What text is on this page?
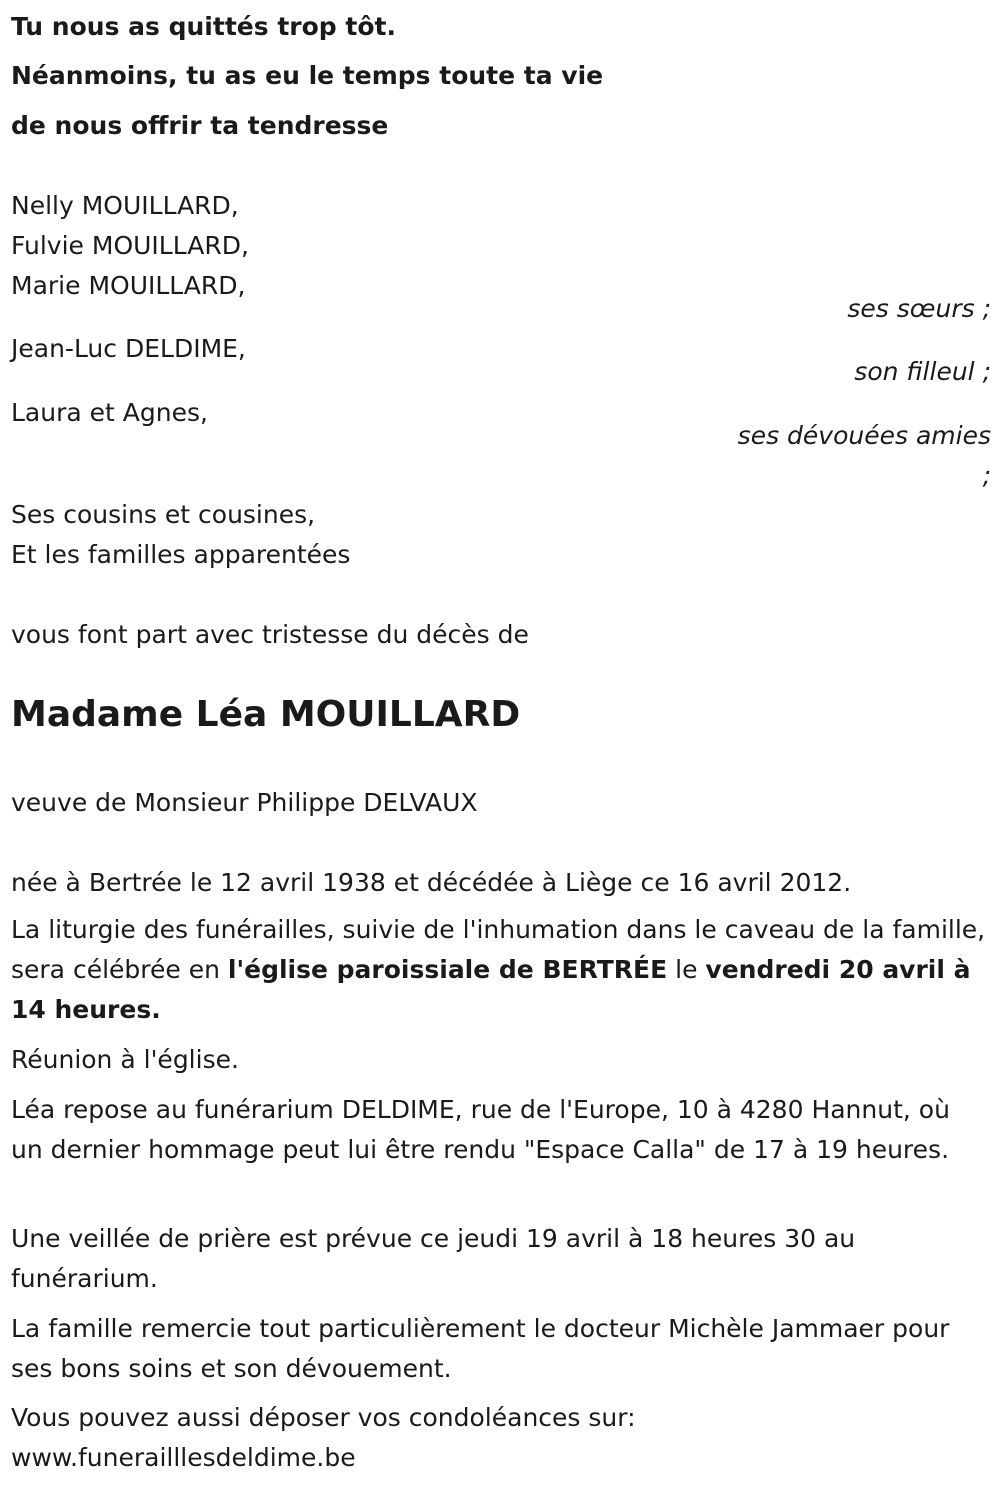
Tu nous as quittés trop tôt.
Néanmoins, tu as eu le temps toute ta vie
de nous offrir ta tendresse
Nelly MOUILLARD,
Fulvie MOUILLARD,
Marie MOUILLARD,
ses sœurs ;
Jean-Luc DELDIME,
son filleul ;
Laura et Agnes,
ses dévouées amies
;
Ses cousins et cousines,
Et les familles apparentées
vous font part avec tristesse du décès de
Madame Léa MOUILLARD
veuve de Monsieur Philippe DELVAUX
née à Bertrée le 12 avril 1938 et décédée à Liège ce 16 avril 2012.
La liturgie des funérailles, suivie de l'inhumation dans le caveau de la famille, sera célébrée en l'église paroissiale de BERTRÉE le vendredi 20 avril à 14 heures.
Réunion à l'église.
Léa repose au funérarium DELDIME, rue de l'Europe, 10 à 4280 Hannut, où un dernier hommage peut lui être rendu "Espace Calla" de 17 à 19 heures.
Une veillée de prière est prévue ce jeudi 19 avril à 18 heures 30 au funérarium.
La famille remercie tout particulièrement le docteur Michèle Jammaer pour ses bons soins et son dévouement.
Vous pouvez aussi déposer vos condoléances sur:
www.funerailllesdeldime.be
